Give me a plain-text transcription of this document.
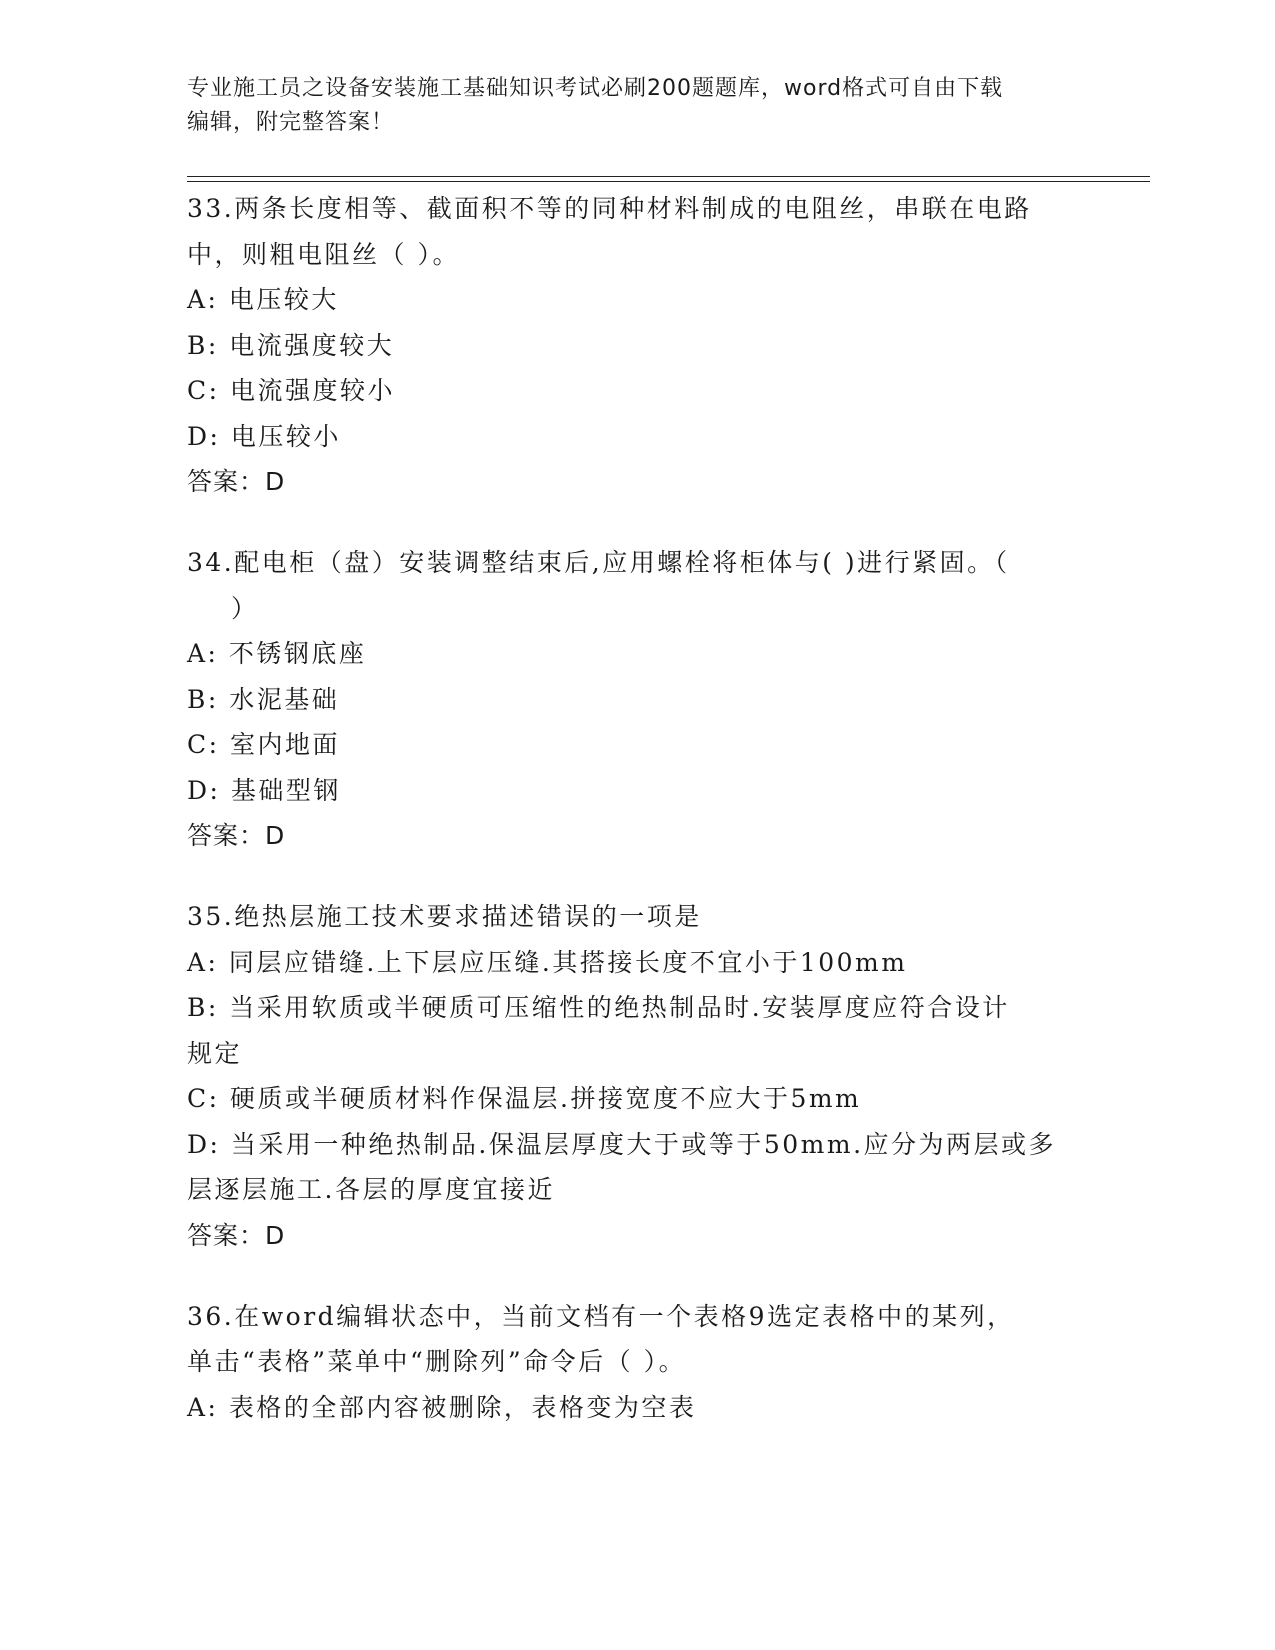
专业施工员之设备安装施工基础知识考试必刷200题题库，word格式可自由下载
编辑，附完整答案！
33.两条长度相等、截面积不等的同种材料制成的电阻丝，串联在电路
中，则粗电阻丝（ ）。
A: 电压较大
B: 电流强度较大
C: 电流强度较小
D: 电压较小
答案：D
34.配电柜（盘）安装调整结束后,应用螺栓将柜体与( )进行紧固。（
）
A: 不锈钢底座
B: 水泥基础
C: 室内地面
D: 基础型钢
答案：D
35.绝热层施工技术要求描述错误的一项是
A: 同层应错缝.上下层应压缝.其搭接长度不宜小于100mm
B: 当采用软质或半硬质可压缩性的绝热制品时.安装厚度应符合设计
规定
C: 硬质或半硬质材料作保温层.拼接宽度不应大于5mm
D: 当采用一种绝热制品.保温层厚度大于或等于50mm.应分为两层或多
层逐层施工.各层的厚度宜接近
答案：D
36.在word编辑状态中，当前文档有一个表格9选定表格中的某列，
单击“表格”菜单中“删除列”命令后（ ）。
A: 表格的全部内容被删除，表格变为空表
